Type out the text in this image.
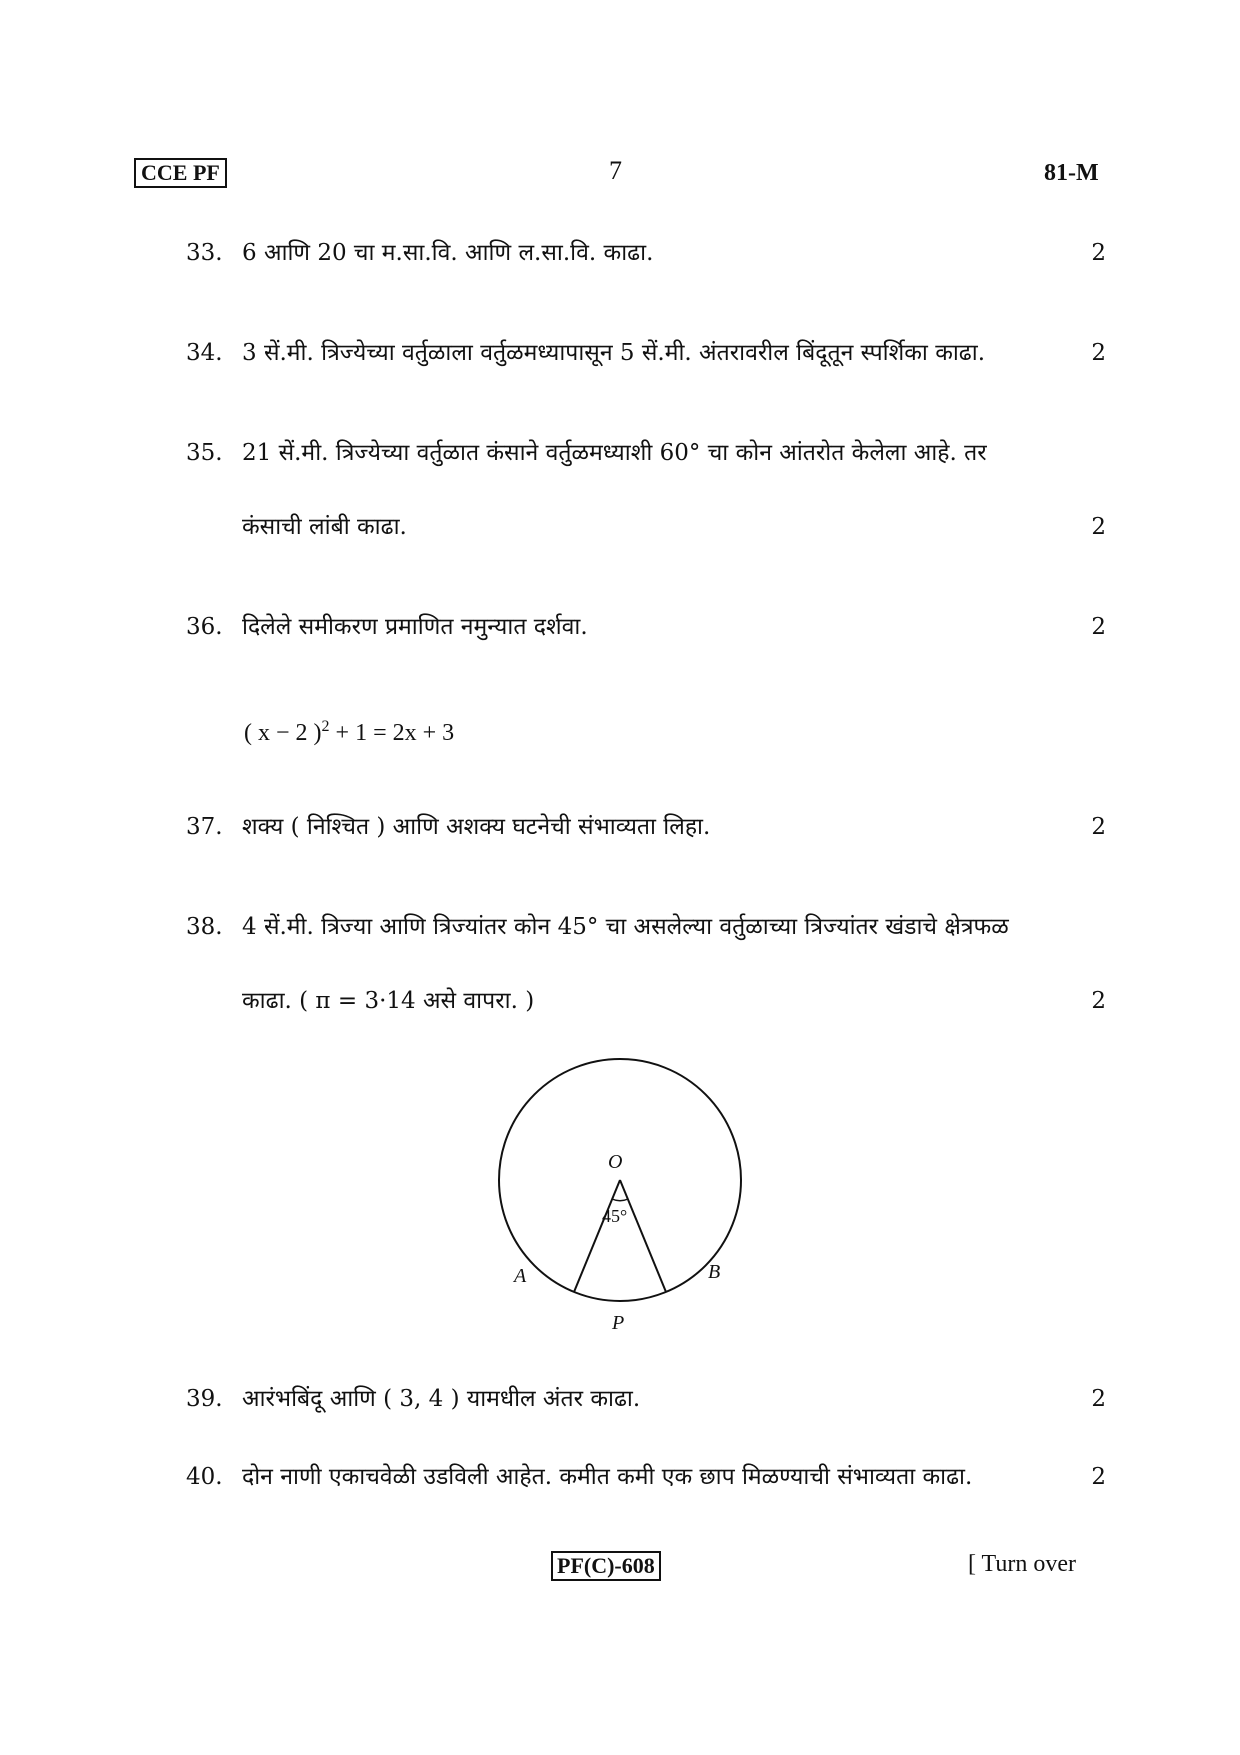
CCE PF	7	81-M
33. 6 आणि 20 चा म.सा.वि. आणि ल.सा.वि. काढा.	2
34. 3 सें.मी. त्रिज्येच्या वर्तुळाला वर्तुळमध्यापासून 5 सें.मी. अंतरावरील बिंदूतून स्पर्शिका काढा.	2
35. 21 सें.मी. त्रिज्येच्या वर्तुळात कंसाने वर्तुळमध्याशी 60° चा कोन आंतरोत केलेला आहे. तर
कंसाची लांबी काढा.	2
36. दिलेले समीकरण प्रमाणित नमुन्यात दर्शवा.	2
( x − 2 )$^2$ + 1 = 2x + 3
37. शक्य ( निश्चित ) आणि अशक्य घटनेची संभाव्यता लिहा.	2
38. 4 सें.मी. त्रिज्या आणि त्रिज्यांतर कोन 45° चा असलेल्या वर्तुळाच्या त्रिज्यांतर खंडाचे क्षेत्रफळ
काढा. ( π = 3·14 असे वापरा. )	2
O
45°
A	B
P
39. आरंभबिंदू आणि ( 3, 4 ) यामधील अंतर काढा.	2
40. दोन नाणी एकाचवेळी उडविली आहेत. कमीत कमी एक छाप मिळण्याची संभाव्यता काढा.	2
PF(C)-608	[ Turn over
